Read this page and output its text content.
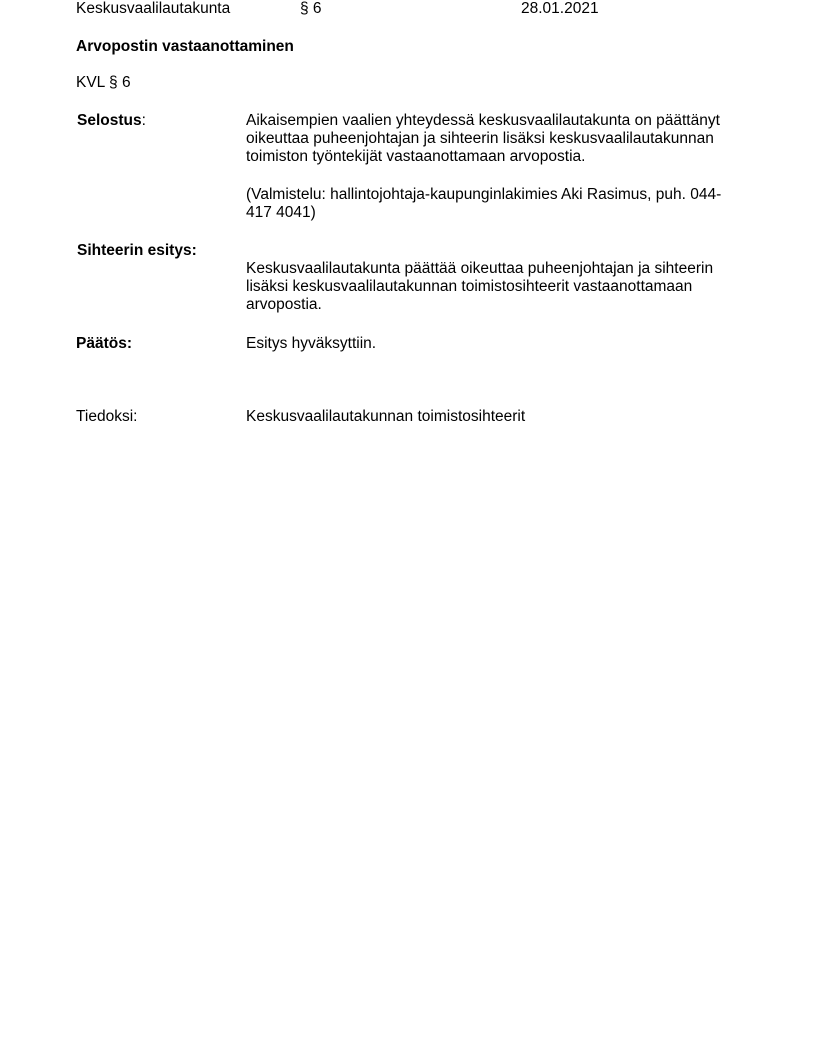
Keskusvaalilautakunta	§ 6	28.01.2021
Arvopostin vastaanottaminen
KVL § 6
Selostus:	Aikaisempien vaalien yhteydessä keskusvaalilautakunta on päättänyt oikeuttaa puheenjohtajan ja sihteerin lisäksi keskusvaalilautakunnan toimiston työntekijät vastaanottamaan arvopostia.
(Valmistelu: hallintojohtaja-kaupunginlakimies Aki Rasimus, puh. 044-417 4041)
Sihteerin esitys:
Keskusvaalilautakunta päättää oikeuttaa puheenjohtajan ja sihteerin lisäksi keskusvaalilautakunnan toimistosihteerit vastaanottamaan arvopostia.
Päätös:	Esitys hyväksyttiin.
Tiedoksi:	Keskusvaalilautakunnan toimistosihteerit
